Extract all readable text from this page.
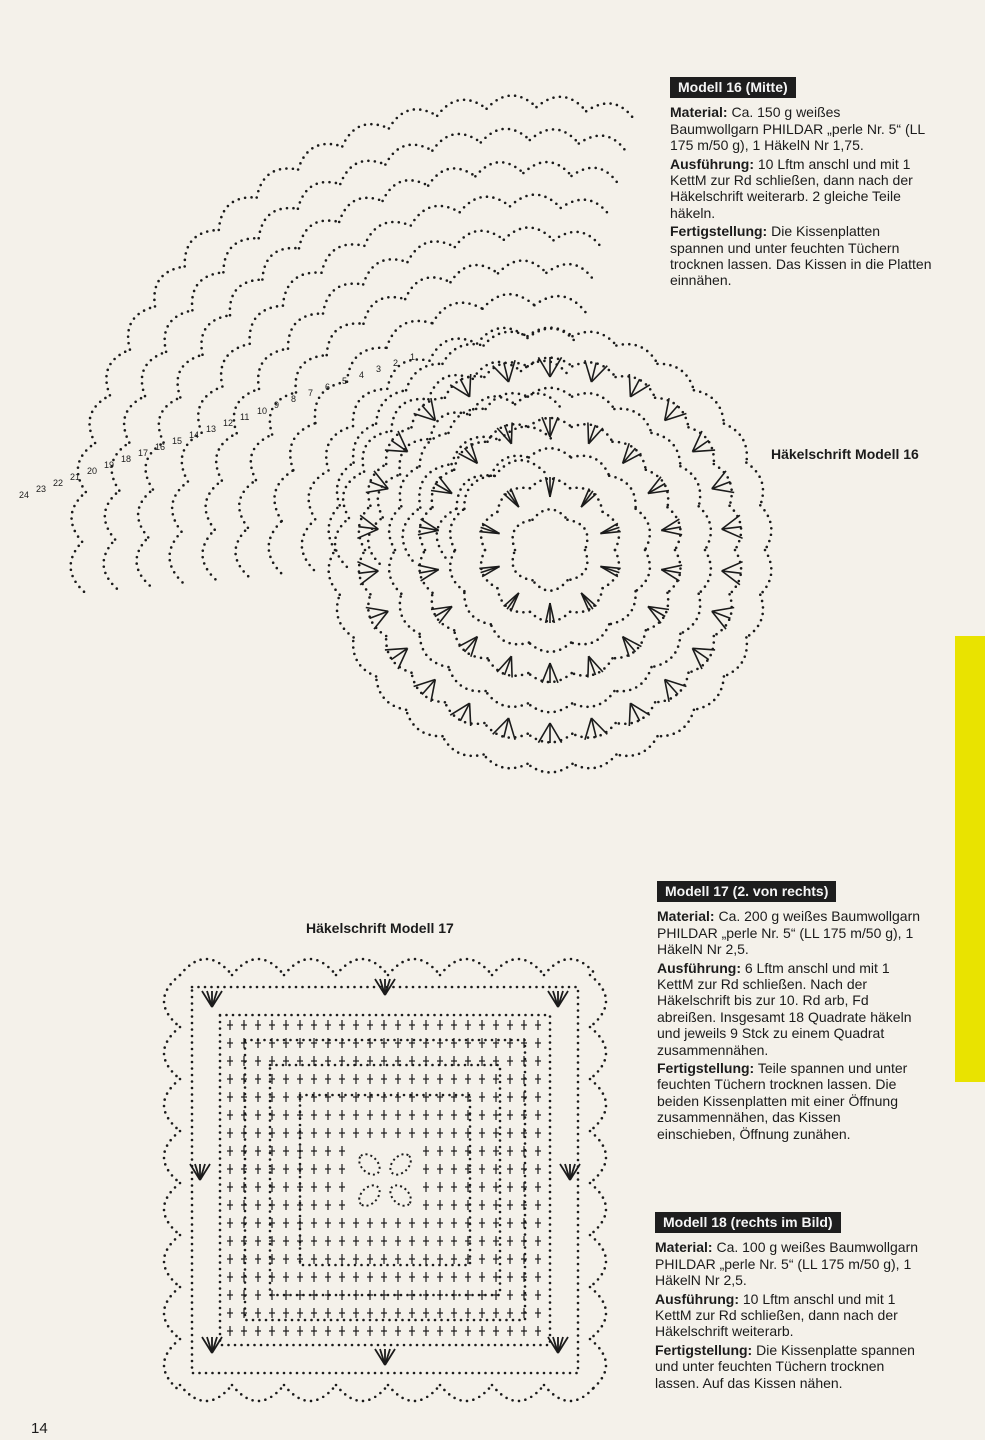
1
2
3
4
5
6
7
8
9
10
11
12
13
14
15
16
17
18
19
20
21
22
23
24
Modell 16 (Mitte)

Material: Ca. 150 g weißes Baumwollgarn PHILDAR „perle Nr. 5“ (LL 175 m/50 g), 1 HäkelN Nr 1,75.

Ausführung: 10 Lftm anschl und mit 1 KettM zur Rd schließen, dann nach der Häkelschrift weiterarb. 2 gleiche Teile häkeln.

Fertigstellung: Die Kissenplatten spannen und unter feuchten Tüchern trocknen lassen. Das Kissen in die Platten einnähen.

Häkelschrift Modell 16
Häkelschrift Modell 17
Modell 17 (2. von rechts)

Material: Ca. 200 g weißes Baumwollgarn PHILDAR „perle Nr. 5“ (LL 175 m/50 g), 1 HäkelN Nr 2,5.

Ausführung: 6 Lftm anschl und mit 1 KettM zur Rd schließen. Nach der Häkelschrift bis zur 10. Rd arb, Fd abreißen. Insgesamt 18 Quadrate häkeln und jeweils 9 Stck zu einem Quadrat zusammennähen.

Fertigstellung: Teile spannen und unter feuchten Tüchern trocknen lassen. Die beiden Kissenplatten mit einer Öffnung zusammennähen, das Kissen einschieben, Öffnung zunähen.

Modell 18 (rechts im Bild)

Material: Ca. 100 g weißes Baumwollgarn PHILDAR „perle Nr. 5“ (LL 175 m/50 g), 1 HäkelN Nr 2,5.

Ausführung: 10 Lftm anschl und mit 1 KettM zur Rd schließen, dann nach der Häkelschrift weiterarb.

Fertigstellung: Die Kissenplatte spannen und unter feuchten Tüchern trocknen lassen. Auf das Kissen nähen.

14
